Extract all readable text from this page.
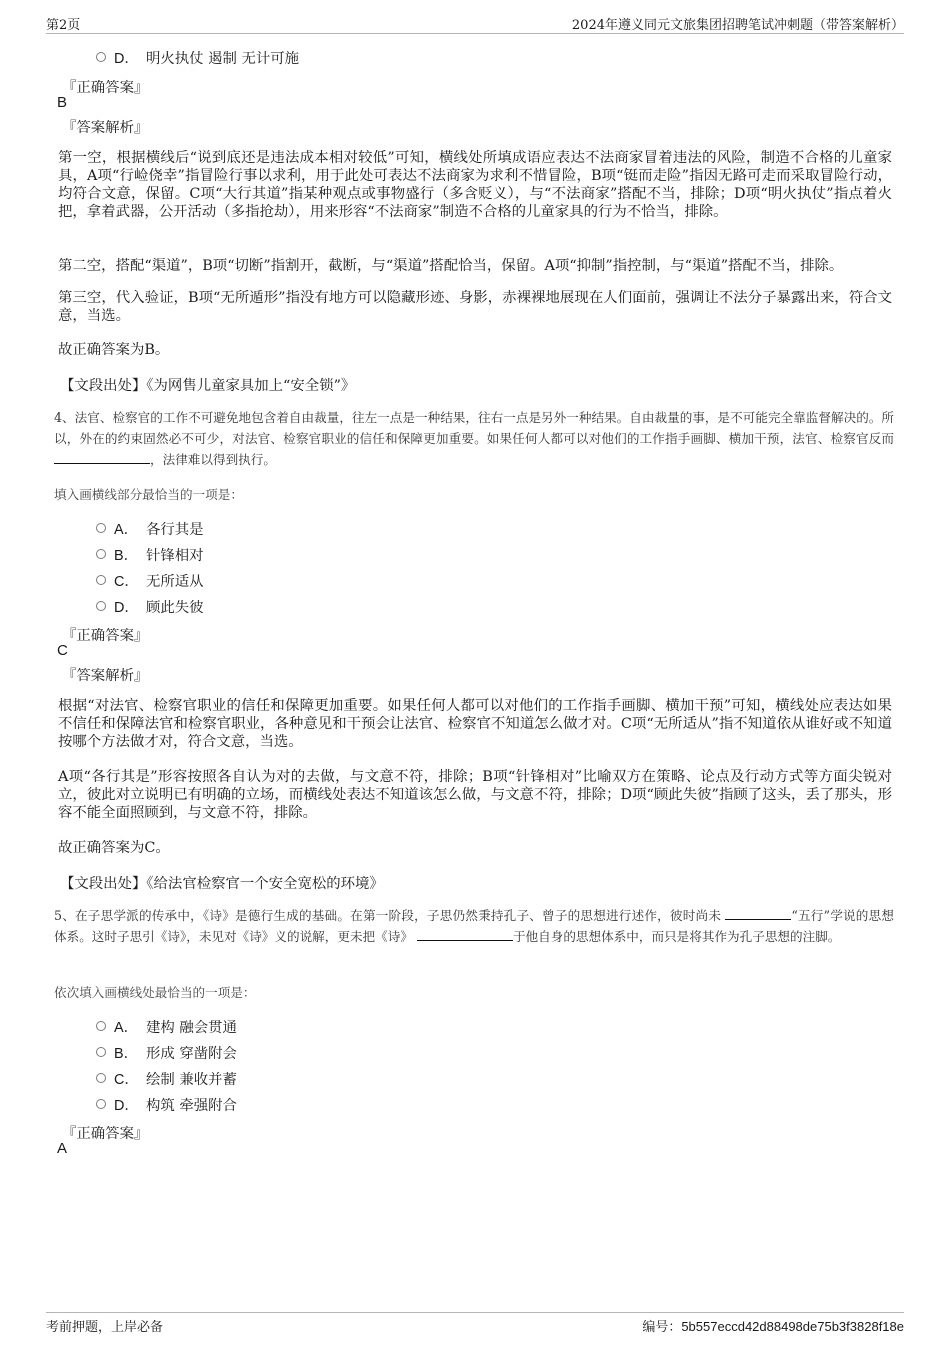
第2页	2024年遵义同元文旅集团招聘笔试冲刺题（带答案解析）
D． 明火执仗 遏制 无计可施
『正确答案』
B
『答案解析』
第一空，根据横线后“说到底还是违法成本相对较低”可知，横线处所填成语应表达不法商家冒着违法的风险，制造不合格的儿童家具，A项“行崄侥幸”指冒险行事以求利，用于此处可表达不法商家为求利不惜冒险，B项“铤而走险”指因无路可走而采取冒险行动，均符合文意，保留。C项“大行其道”指某种观点或事物盛行（多含贬义），与“不法商家”搭配不当，排除；D项“明火执仗”指点着火把，拿着武器，公开活动（多指抢劫），用来形容“不法商家”制造不合格的儿童家具的行为不恰当，排除。
第二空，搭配“渠道”，B项“切断”指割开，截断，与“渠道”搭配恰当，保留。A项“抑制”指控制，与“渠道”搭配不当，排除。
第三空，代入验证，B项“无所遁形”指没有地方可以隐藏形迹、身影，赤裸裸地展现在人们面前，强调让不法分子暴露出来，符合文意，当选。
故正确答案为B。
【文段出处】《为网售儿童家具加上“安全锁”》
4、法官、检察官的工作不可避免地包含着自由裁量，往左一点是一种结果，往右一点是另外一种结果。自由裁量的事，是不可能完全靠监督解决的。所以，外在的约束固然必不可少，对法官、检察官职业的信任和保障更加重要。如果任何人都可以对他们的工作指手画脚、横加干预，法官、检察官反而 ，法律难以得到执行。
填入画横线部分最恰当的一项是：
A． 各行其是
B． 针锋相对
C． 无所适从
D． 顾此失彼
『正确答案』
C
『答案解析』
根据“对法官、检察官职业的信任和保障更加重要。如果任何人都可以对他们的工作指手画脚、横加干预”可知，横线处应表达如果不信任和保障法官和检察官职业，各种意见和干预会让法官、检察官不知道怎么做才对。C项“无所适从”指不知道依从谁好或不知道按哪个方法做才对，符合文意，当选。
A项“各行其是”形容按照各自认为对的去做，与文意不符，排除；B项“针锋相对”比喻双方在策略、论点及行动方式等方面尖锐对立，彼此对立说明已有明确的立场，而横线处表达不知道该怎么做，与文意不符，排除；D项“顾此失彼”指顾了这头，丢了那头，形容不能全面照顾到，与文意不符，排除。
故正确答案为C。
【文段出处】《给法官检察官一个安全宽松的环境》
5、在子思学派的传承中，《诗》是德行生成的基础。在第一阶段，子思仍然秉持孔子、曾子的思想进行述作，彼时尚未	“五行”学说的思想体系。这时子思引《诗》，未见对《诗》义的说解，更未把《诗》	于他自身的思想体系中，而只是将其作为孔子思想的注脚。
依次填入画横线处最恰当的一项是：
A． 建构 融会贯通
B． 形成 穿凿附会
C． 绘制 兼收并蓄
D． 构筑 牵强附合
『正确答案』
A
考前押题，上岸必备	编号：5b557eccd42d88498de75b3f3828f18e
